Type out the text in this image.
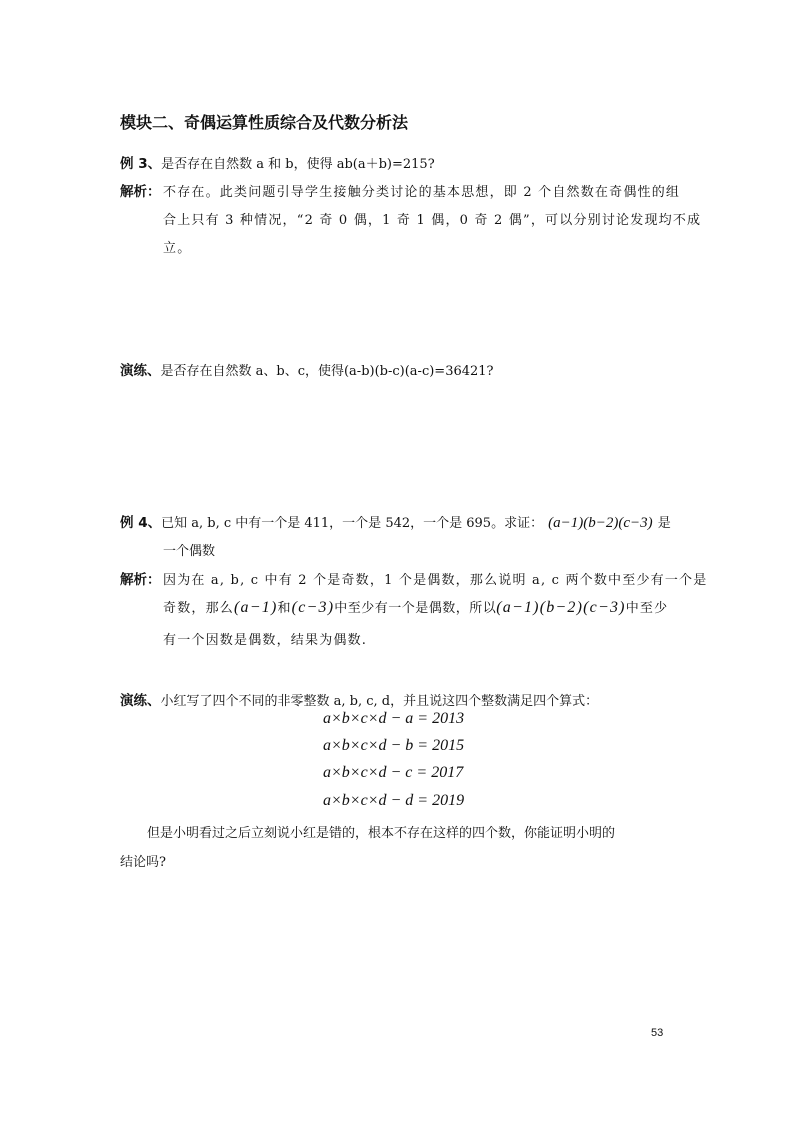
模块二、奇偶运算性质综合及代数分析法
例 3、是否存在自然数 a 和 b，使得 ab(a＋b)=215?
解析： 不存在。此类问题引导学生接触分类讨论的基本思想，即 2 个自然数在奇偶性的组
合上只有 3 种情况，“2 奇 0 偶，1 奇 1 偶，0 奇 2 偶”，可以分别讨论发现均不成
立。
演练、是否存在自然数 a、b、c，使得(a-b)(b-c)(a-c)=36421?
例 4、已知 a, b, c 中有一个是 411，一个是 542，一个是 695。求证： (a−1)(b−2)(c−3) 是
一个偶数
解析： 因为在 a, b, c 中有 2 个是奇数，1 个是偶数，那么说明 a, c 两个数中至少有一个是
奇数，那么(a−1)和(c−3)中至少有一个是偶数，所以(a−1)(b−2)(c−3)中至少
有一个因数是偶数，结果为偶数.
演练、小红写了四个不同的非零整数 a, b, c, d，并且说这四个整数满足四个算式：
a×b×c×d − a = 2013
a×b×c×d − b = 2015
a×b×c×d − c = 2017
a×b×c×d − d = 2019
但是小明看过之后立刻说小红是错的，根本不存在这样的四个数，你能证明小明的
结论吗?
53
